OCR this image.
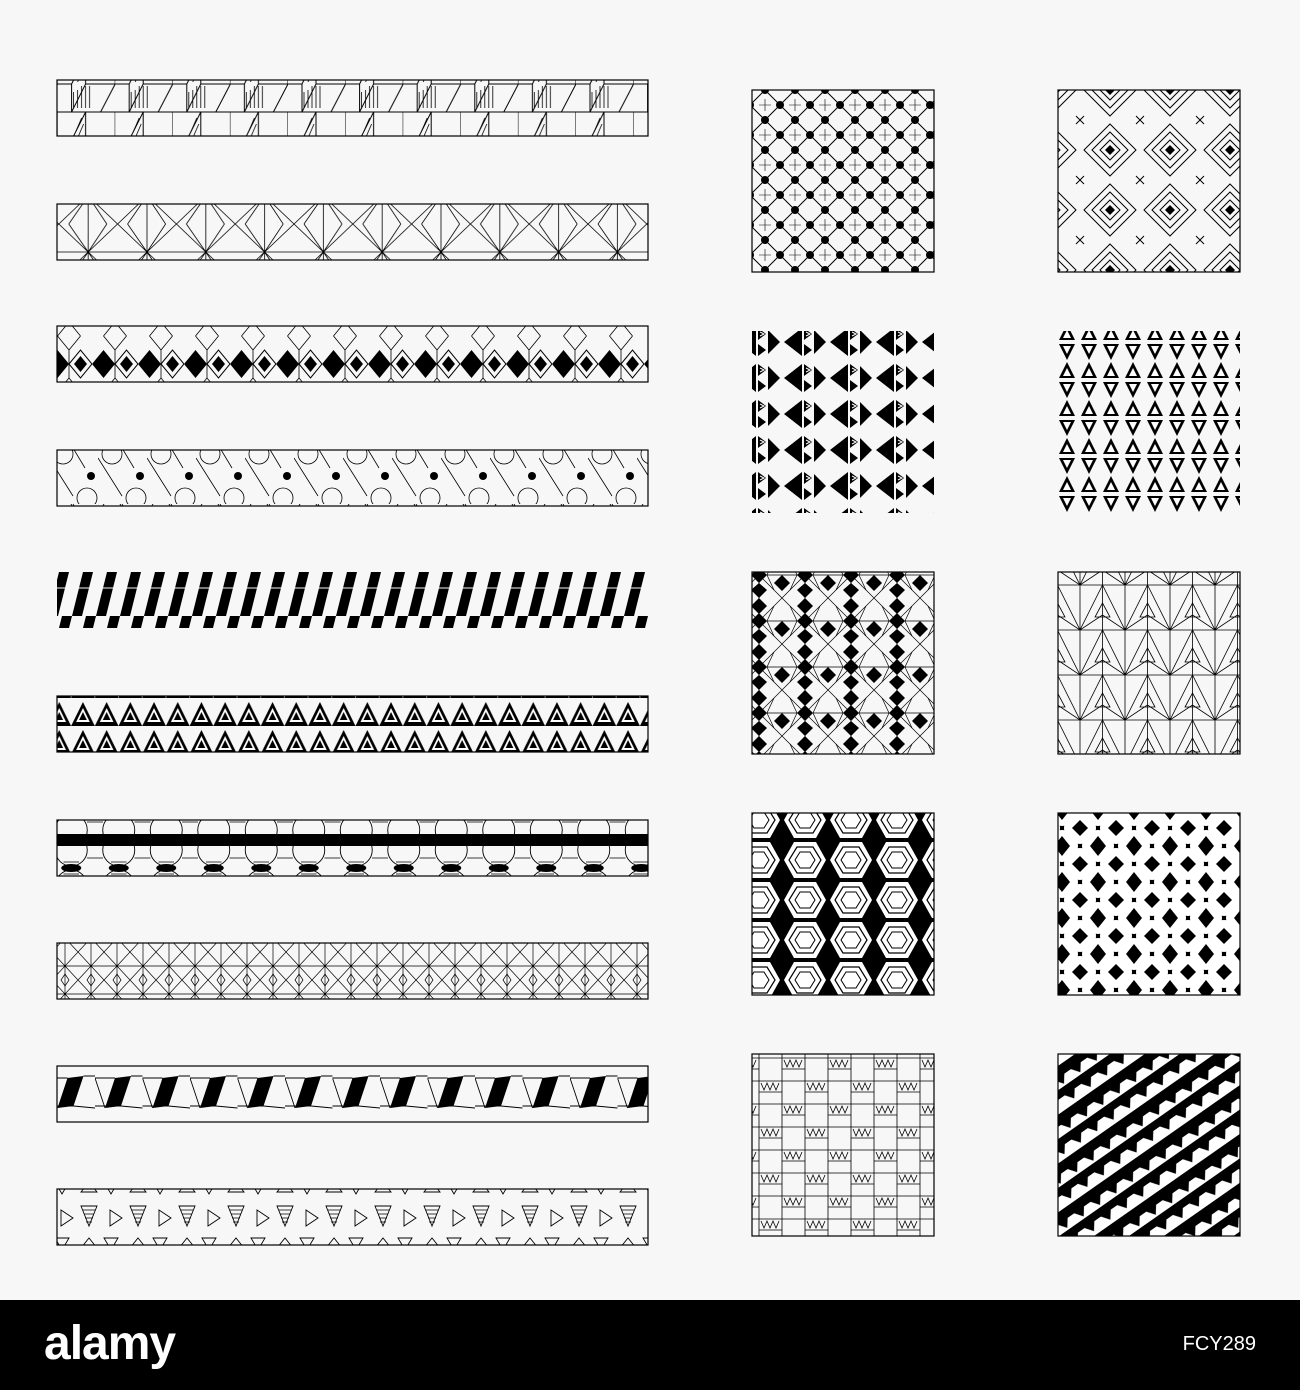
alamy	FCY289
